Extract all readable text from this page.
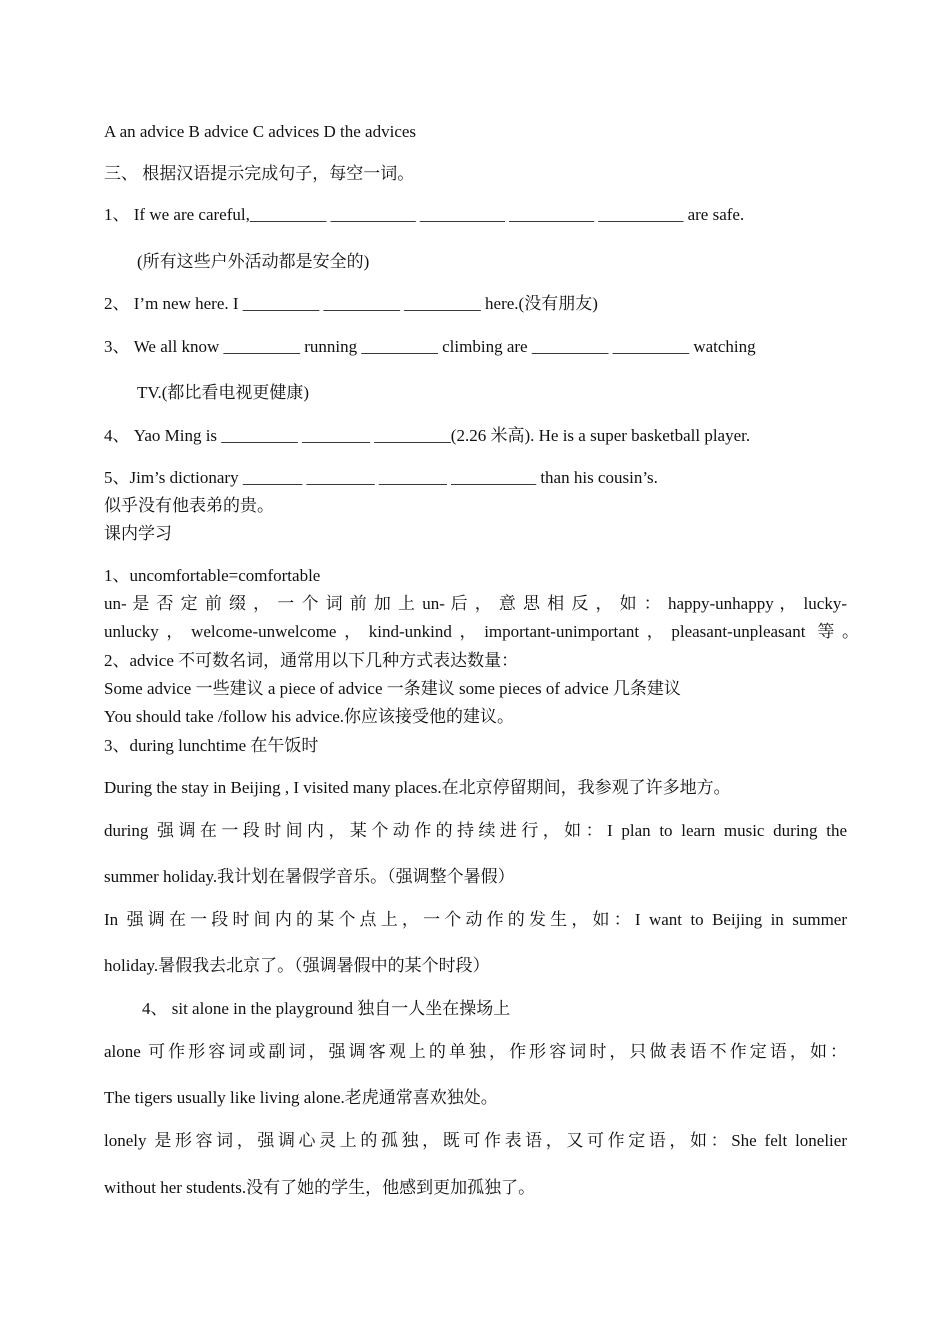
A an advice B advice C advices D the advices
三、 根据汉语提示完成句子，每空一词。
1、 If we are careful,_________ __________ __________ __________ __________ are safe.
(所有这些户外活动都是安全的)
2、 I’m new here. I _________ _________ _________ here.(没有朋友)
3、 We all know _________ running _________ climbing are _________ _________ watching
TV.(都比看电视更健康)
4、 Yao Ming is _________ ________ _________(2.26 米高). He is a super basketball player.
5、Jim’s dictionary _______ ________ ________ __________ than his cousin’s.
似乎没有他表弟的贵。
课内学习
1、uncomfortable=comfortable
un- 是 否 定 前 缀 ， 一 个 词 前 加 上 un- 后 ， 意 思 相 反 ， 如 ： happy-unhappy ， lucky-
unlucky，welcome-unwelcome，kind-unkind，important-unimportant，pleasant-unpleasant 等。
2、advice 不可数名词，通常用以下几种方式表达数量：
Some advice 一些建议 a piece of advice 一条建议 some pieces of advice 几条建议
You should take /follow his advice.你应该接受他的建议。
3、during lunchtime 在午饭时
During the stay in Beijing , I visited many places.在北京停留期间，我参观了许多地方。
during 强调在一段时间内，某个动作的持续进行，如：I plan to learn music during the
summer holiday.我计划在暑假学音乐。（强调整个暑假）
In 强调在一段时间内的某个点上，一个动作的发生，如：I want to Beijing in summer
holiday.暑假我去北京了。（强调暑假中的某个时段）
4、 sit alone in the playground 独自一人坐在操场上
alone 可作形容词或副词，强调客观上的单独，作形容词时，只做表语不作定语，如：
The tigers usually like living alone.老虎通常喜欢独处。
lonely 是形容词，强调心灵上的孤独，既可作表语，又可作定语，如：She felt lonelier
without her students.没有了她的学生，他感到更加孤独了。
